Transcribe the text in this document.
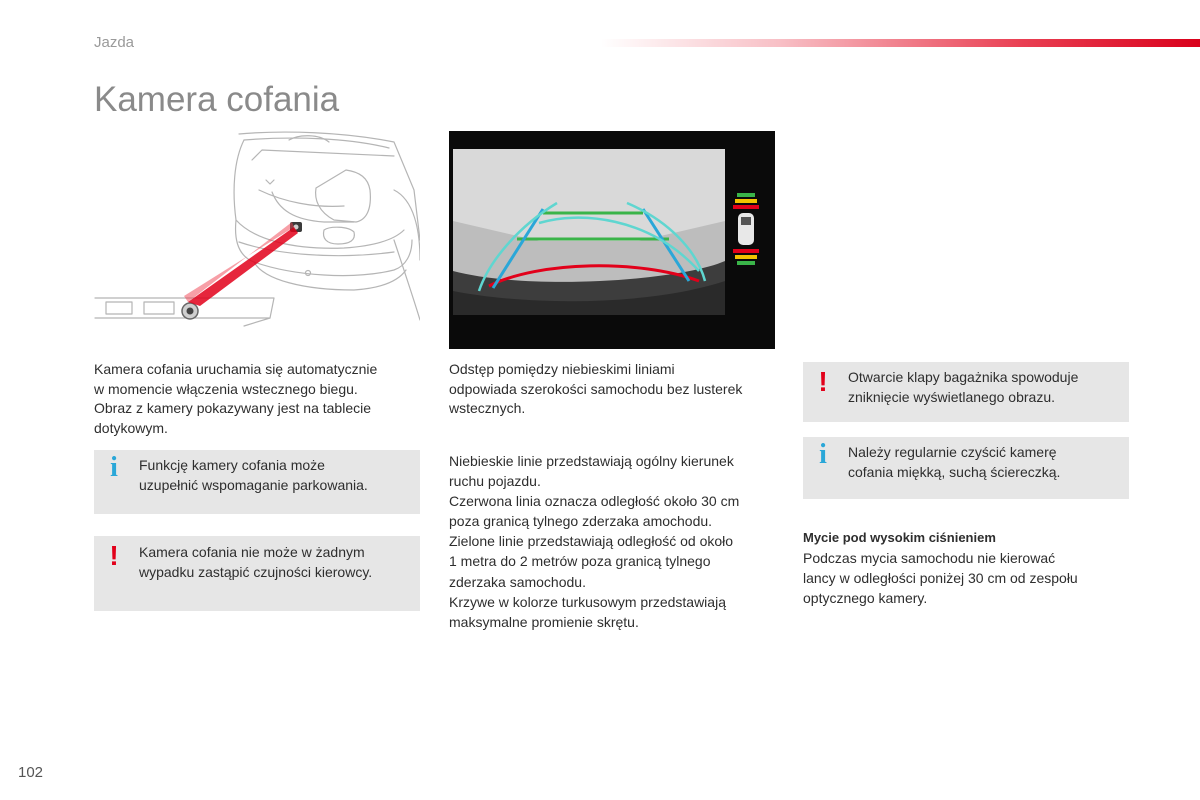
Jazda
Kamera cofania

Kamera cofania uruchamia się automatycznie
w momencie włączenia wstecznego biegu.
Obraz z kamery pokazywany jest na tablecie
dotykowym.

i Funkcję kamery cofania może
uzupełnić wspomaganie parkowania.

! Kamera cofania nie może w żadnym
wypadku zastąpić czujności kierowcy.

Odstęp pomiędzy niebieskimi liniami
odpowiada szerokości samochodu bez lusterek
wstecznych.

Niebieskie linie przedstawiają ogólny kierunek
ruchu pojazdu.
Czerwona linia oznacza odległość około 30 cm
poza granicą tylnego zderzaka amochodu.
Zielone linie przedstawiają odległość od około
1 metra do 2 metrów poza granicą tylnego
zderzaka samochodu.
Krzywe w kolorze turkusowym przedstawiają
maksymalne promienie skrętu.

! Otwarcie klapy bagażnika spowoduje
zniknięcie wyświetlanego obrazu.

i Należy regularnie czyścić kamerę
cofania miękką, suchą ściereczką.

Mycie pod wysokim ciśnieniem
Podczas mycia samochodu nie kierować
lancy w odległości poniżej 30 cm od zespołu
optycznego kamery.

102
